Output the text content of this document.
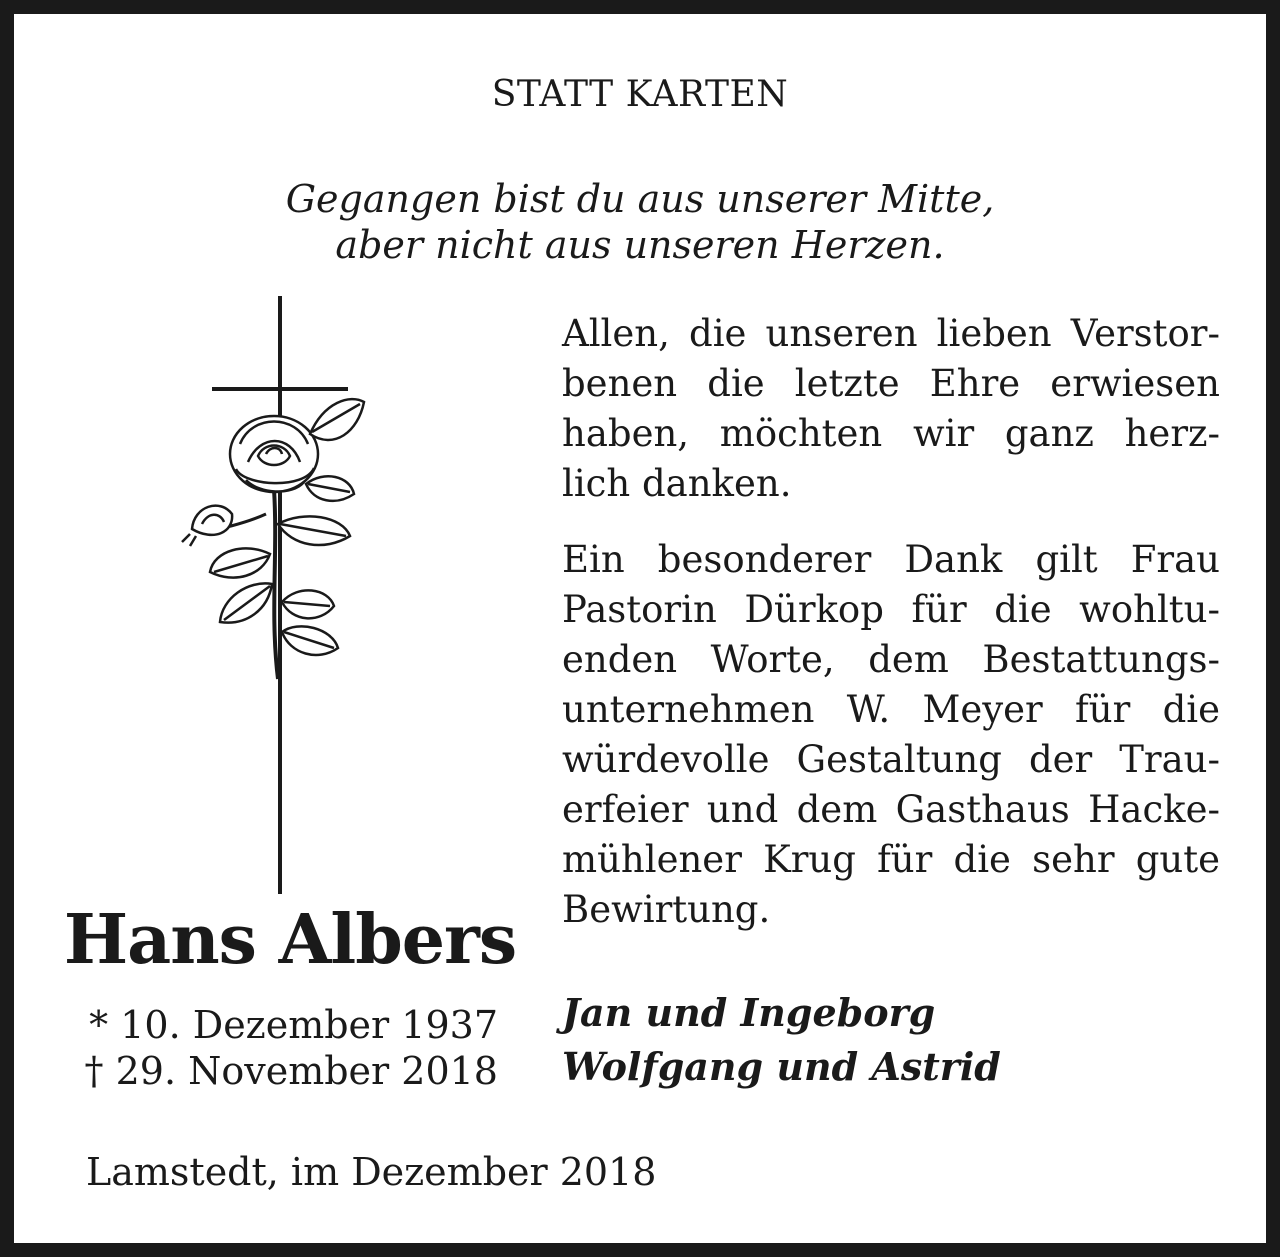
STATT KARTEN
Gegangen bist du aus unserer Mitte,
aber nicht aus unseren Herzen.
Hans Albers
* 10. Dezember 1937
† 29. November 2018

Allen, die unseren lieben Verstor-
benen die letzte Ehre erwiesen
haben, möchten wir ganz herz-
lich danken.

Ein besonderer Dank gilt Frau
Pastorin Dürkop für die wohltu-
enden Worte, dem Bestattungs-
unternehmen W. Meyer für die
würdevolle Gestaltung der Trau-
erfeier und dem Gasthaus Hacke-
mühlener Krug für die sehr gute
Bewirtung.

Jan und Ingeborg
Wolfgang und Astrid
Lamstedt, im Dezember 2018
